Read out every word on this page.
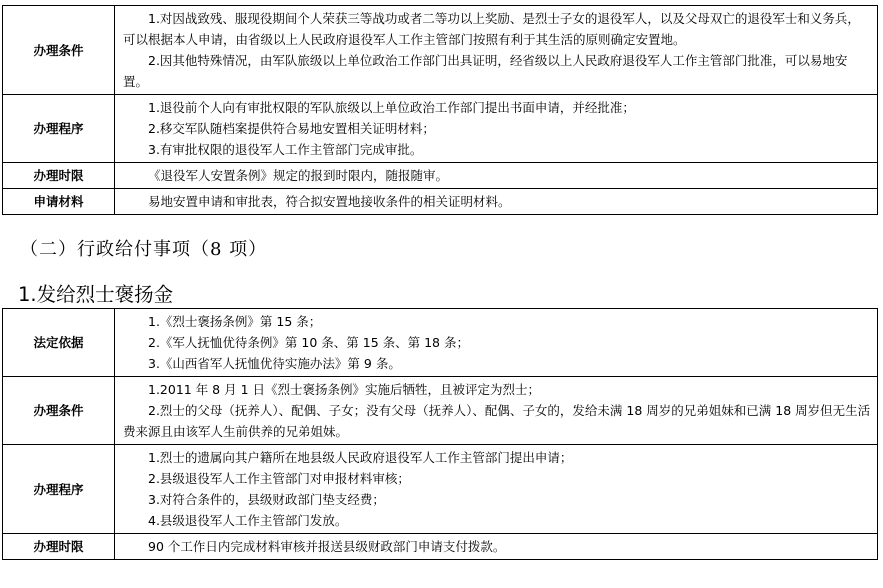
办理条件	1.对因战致残、服现役期间个人荣获三等战功或者二等功以上奖励、是烈士子女的退役军人，以及父母双亡的退役军士和义务兵，可以根据本人申请，由省级以上人民政府退役军人工作主管部门按照有利于其生活的原则确定安置地。
2.因其他特殊情况，由军队旅级以上单位政治工作部门出具证明，经省级以上人民政府退役军人工作主管部门批准，可以易地安置。

办理程序	1.退役前个人向有审批权限的军队旅级以上单位政治工作部门提出书面申请，并经批准；
2.移交军队随档案提供符合易地安置相关证明材料；
3.有审批权限的退役军人工作主管部门完成审批。

办理时限	《退役军人安置条例》规定的报到时限内，随报随审。

申请材料	易地安置申请和审批表，符合拟安置地接收条件的相关证明材料。
（二）行政给付事项（8 项）
1.发给烈士褒扬金
法定依据	1.《烈士褒扬条例》第 15 条；
2.《军人抚恤优待条例》第 10 条、第 15 条、第 18 条；
3.《山西省军人抚恤优待实施办法》第 9 条。

办理条件	1.2011 年 8 月 1 日《烈士褒扬条例》实施后牺牲，且被评定为烈士；
2.烈士的父母（抚养人）、配偶、子女；没有父母（抚养人）、配偶、子女的，发给未满 18 周岁的兄弟姐妹和已满 18 周岁但无生活费来源且由该军人生前供养的兄弟姐妹。

办理程序	1.烈士的遗属向其户籍所在地县级人民政府退役军人工作主管部门提出申请；
2.县级退役军人工作主管部门对申报材料审核；
3.对符合条件的，县级财政部门垫支经费；
4.县级退役军人工作主管部门发放。

办理时限	90 个工作日内完成材料审核并报送县级财政部门申请支付拨款。
